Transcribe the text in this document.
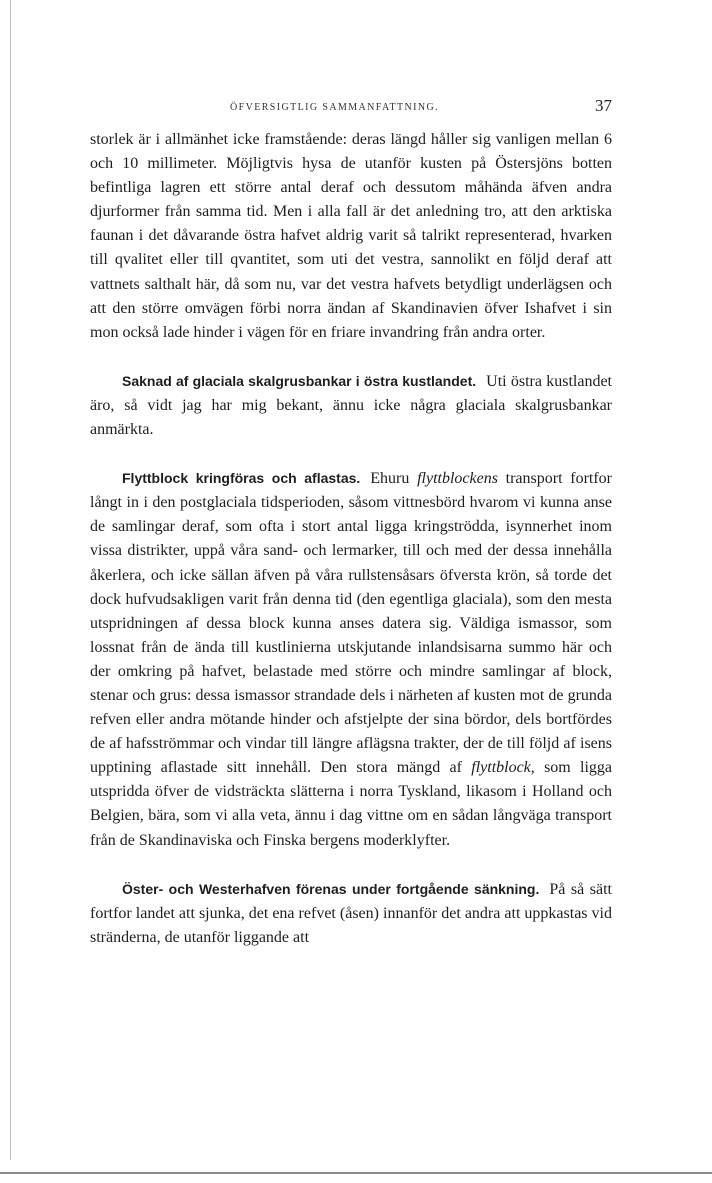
ÖFVERSIGTLIG SAMMANFATTNING.	37

storlek är i allmänhet icke framstående: deras längd håller sig vanligen mellan 6 och 10 millimeter. Möjligtvis hysa de utanför kusten på Östersjöns botten befintliga lagren ett större antal deraf och dessutom måhända äfven andra djurformer från samma tid. Men i alla fall är det anledning tro, att den arktiska faunan i det dåvarande östra hafvet aldrig varit så talrikt representerad, hvarken till qvalitet eller till qvantitet, som uti det vestra, sannolikt en följd deraf att vattnets salthalt här, då som nu, var det vestra hafvets betydligt underlägsen och att den större omvägen förbi norra ändan af Skandinavien öfver Ishafvet i sin mon också lade hinder i vägen för en friare invandring från andra orter.

Saknad af glaciala skalgrusbankar i östra kustlandet. Uti östra kustlandet äro, så vidt jag har mig bekant, ännu icke några glaciala skalgrusbankar anmärkta.

Flyttblock kringföras och aflastas. Ehuru flyttblockens transport fortfor långt in i den postglaciala tidsperioden, såsom vittnesbörd hvarom vi kunna anse de samlingar deraf, som ofta i stort antal ligga kringströdda, isynnerhet inom vissa distrikter, uppå våra sand- och lermarker, till och med der dessa innehålla åkerlera, och icke sällan äfven på våra rullstensåsars öfversta krön, så torde det dock hufvudsakligen varit från denna tid (den egentliga glaciala), som den mesta utspridningen af dessa block kunna anses datera sig. Väldiga ismassor, som lossnat från de ända till kustlinierna utskjutande inlandsisarna summo här och der omkring på hafvet, belastade med större och mindre samlingar af block, stenar och grus: dessa ismassor strandade dels i närheten af kusten mot de grunda refven eller andra mötande hinder och afstjelpte der sina bördor, dels bortfördes de af hafsströmmar och vindar till längre aflägsna trakter, der de till följd af isens upptining aflastade sitt innehåll. Den stora mängd af flyttblock, som ligga utspridda öfver de vidsträckta slätterna i norra Tyskland, likasom i Holland och Belgien, bära, som vi alla veta, ännu i dag vittne om en sådan långväga transport från de Skandinaviska och Finska bergens moderklyfter.

Öster- och Westerhafven förenas under fortgående sänkning. På så sätt fortfor landet att sjunka, det ena refvet (åsen) innanför det andra att uppkastas vid stränderna, de utanför liggande att
